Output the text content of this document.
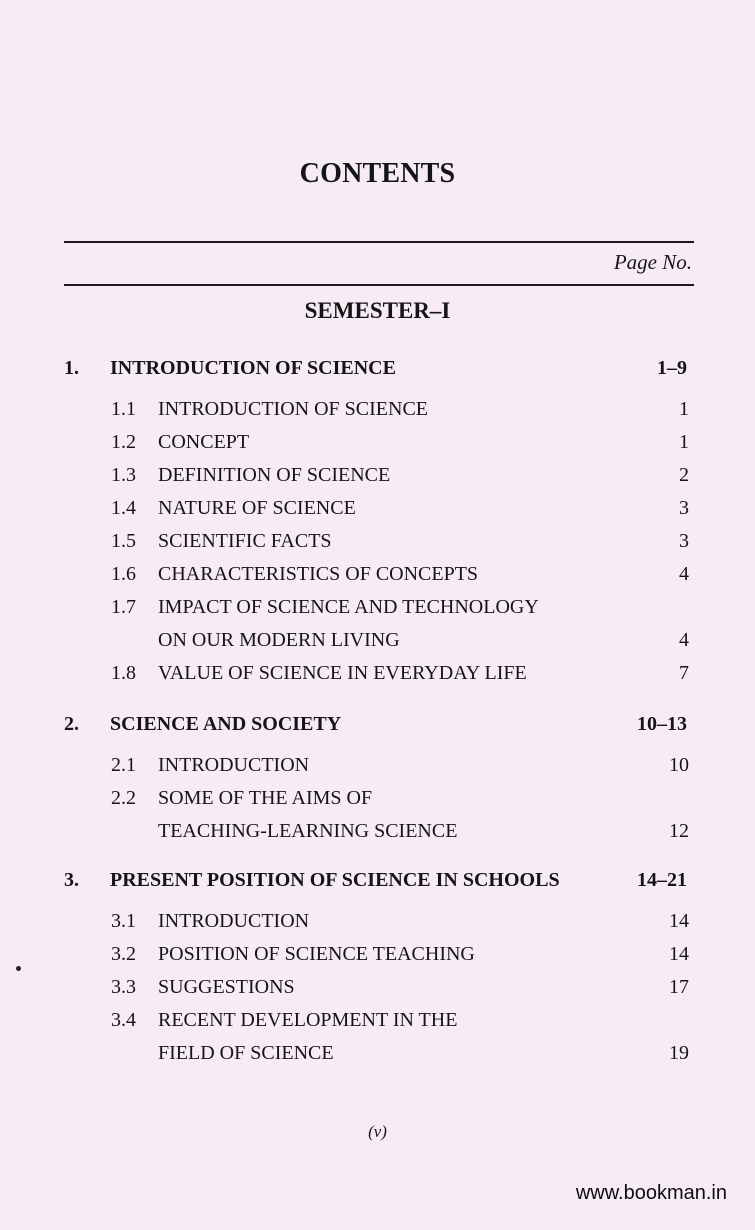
CONTENTS
Page No.
SEMESTER–I
1. INTRODUCTION OF SCIENCE	1–9
1.1 INTRODUCTION OF SCIENCE	1
1.2 CONCEPT	1
1.3 DEFINITION OF SCIENCE	2
1.4 NATURE OF SCIENCE	3
1.5 SCIENTIFIC FACTS	3
1.6 CHARACTERISTICS OF CONCEPTS	4
1.7 IMPACT OF SCIENCE AND TECHNOLOGY
ON OUR MODERN LIVING	4
1.8 VALUE OF SCIENCE IN EVERYDAY LIFE	7
2. SCIENCE AND SOCIETY	10–13
2.1 INTRODUCTION	10
2.2 SOME OF THE AIMS OF
TEACHING-LEARNING SCIENCE	12
3. PRESENT POSITION OF SCIENCE IN SCHOOLS	14–21
3.1 INTRODUCTION	14
3.2 POSITION OF SCIENCE TEACHING	14
3.3 SUGGESTIONS	17
3.4 RECENT DEVELOPMENT IN THE
FIELD OF SCIENCE	19
(v)
www.bookman.in
